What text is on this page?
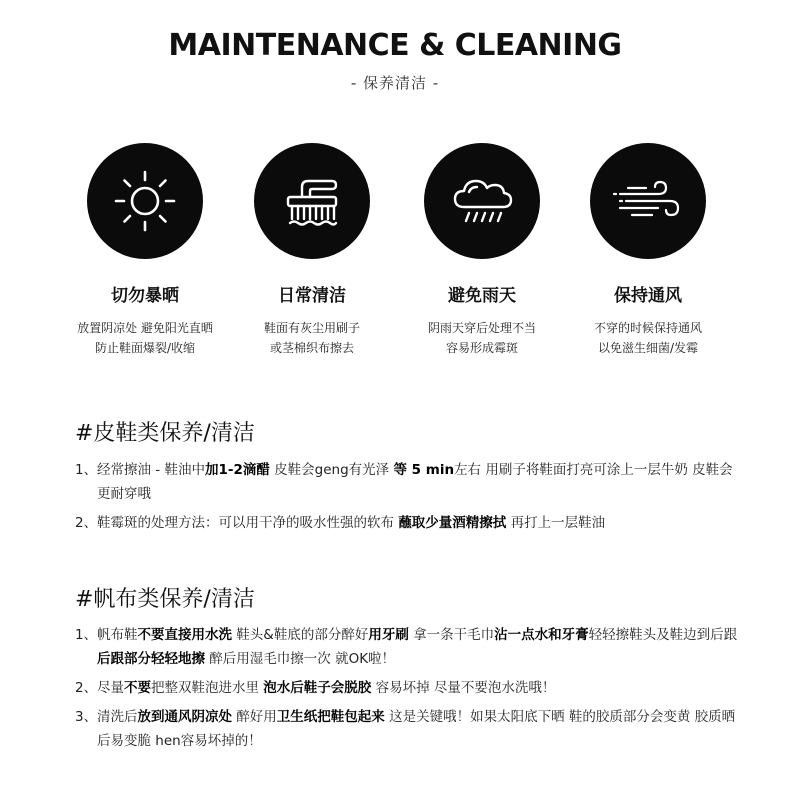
MAINTENANCE & CLEANING
- 保养清洁 -
切勿暴晒
放置阴凉处 避免阳光直晒
防止鞋面爆裂/收缩
日常清洁
鞋面有灰尘用刷子
或茎棉织布擦去
避免雨天
阴雨天穿后处理不当
容易形成霉斑
保持通风
不穿的时候保持通风
以免滋生细菌/发霉
#皮鞋类保养/清洁
1、 经常擦油 - 鞋油中加1-2滴醋 皮鞋会geng有光泽 等 5 min左右 用刷子将鞋面打亮可涂上一层牛奶 皮鞋会更耐穿哦
2、 鞋霉斑的处理方法：可以用干净的吸水性强的软布 蘸取少量酒精擦拭 再打上一层鞋油
#帆布类保养/清洁
1、 帆布鞋不要直接用水洗 鞋头&鞋底的部分醉好用牙刷 拿一条干毛巾沾一点水和牙膏轻轻擦鞋头及鞋边到后跟 后跟部分轻轻地擦 醉后用湿毛巾擦一次 就OK啦！
2、 尽量不要把整双鞋泡进水里 泡水后鞋子会脱胶 容易坏掉 尽量不要泡水洗哦！
3、 清洗后放到通风阴凉处 醉好用卫生纸把鞋包起来 这是关键哦！如果太阳底下晒 鞋的胶质部分会变黄 胶质晒后易变脆 hen容易坏掉的！
